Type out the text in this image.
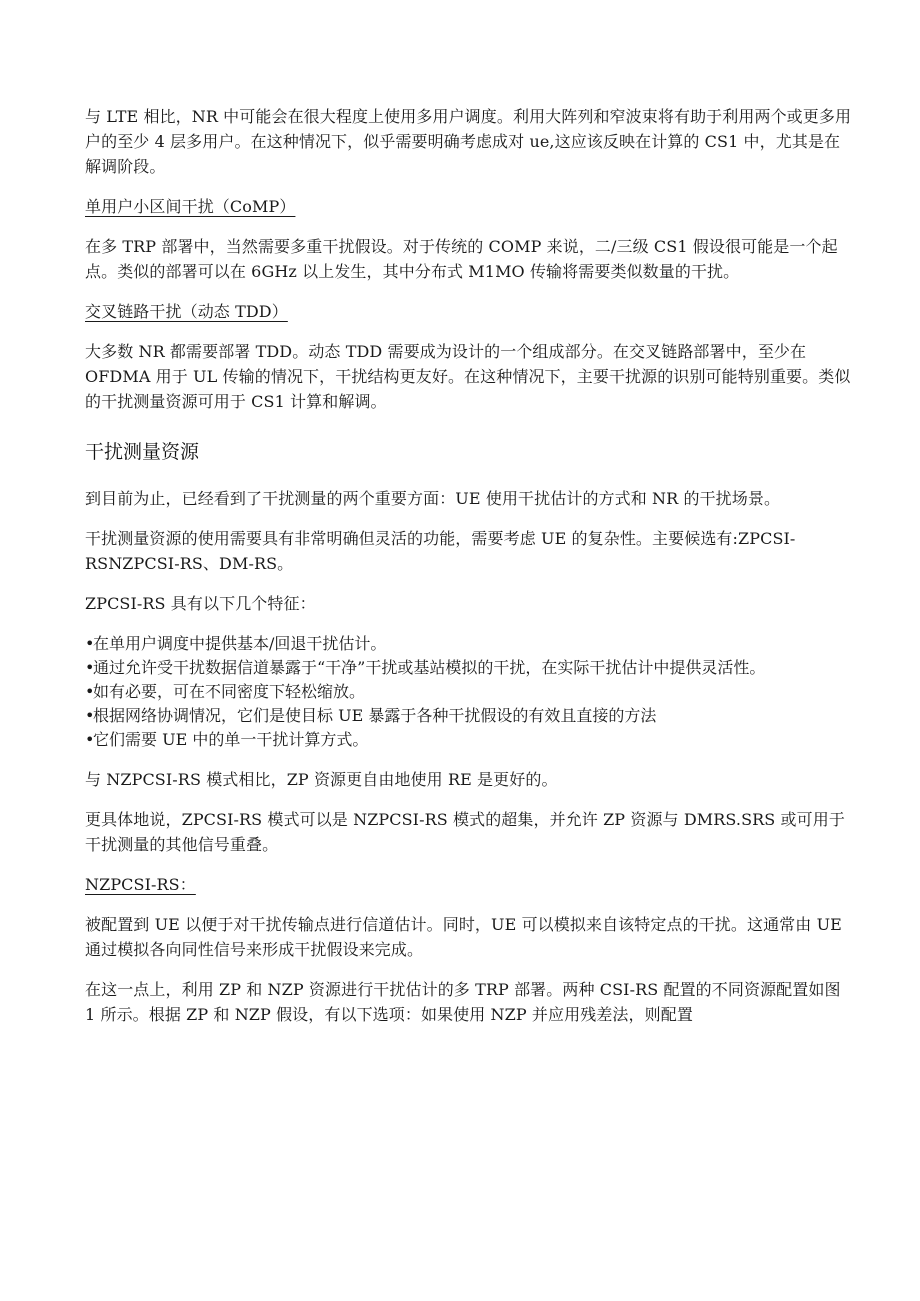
与 LTE 相比，NR 中可能会在很大程度上使用多用户调度。利用大阵列和窄波束将有助于利用两个或更多用户的至少 4 层多用户。在这种情况下，似乎需要明确考虑成对 ue,这应该反映在计算的 CS1 中，尤其是在解调阶段。

单用户小区间干扰（CoMP）

在多 TRP 部署中，当然需要多重干扰假设。对于传统的 COMP 来说，二/三级 CS1 假设很可能是一个起点。类似的部署可以在 6GHz 以上发生，其中分布式 M1MO 传输将需要类似数量的干扰。

交叉链路干扰（动态 TDD）

大多数 NR 都需要部署 TDD。动态 TDD 需要成为设计的一个组成部分。在交叉链路部署中，至少在 OFDMA 用于 UL 传输的情况下，干扰结构更友好。在这种情况下，主要干扰源的识别可能特别重要。类似的干扰测量资源可用于 CS1 计算和解调。

干扰测量资源

到目前为止，已经看到了干扰测量的两个重要方面：UE 使用干扰估计的方式和 NR 的干扰场景。

干扰测量资源的使用需要具有非常明确但灵活的功能，需要考虑 UE 的复杂性。主要候选有:ZPCSI-RSNZPCSI-RS、DM-RS。

ZPCSI-RS 具有以下几个特征：

•在单用户调度中提供基本/回退干扰估计。
•通过允许受干扰数据信道暴露于“干净”干扰或基站模拟的干扰，在实际干扰估计中提供灵活性。
•如有必要，可在不同密度下轻松缩放。
•根据网络协调情况，它们是使目标 UE 暴露于各种干扰假设的有效且直接的方法
•它们需要 UE 中的单一干扰计算方式。

与 NZPCSI-RS 模式相比，ZP 资源更自由地使用 RE 是更好的。

更具体地说，ZPCSI-RS 模式可以是 NZPCSI-RS 模式的超集，并允许 ZP 资源与 DMRS.SRS 或可用于干扰测量的其他信号重叠。

NZPCSI-RS：

被配置到 UE 以便于对干扰传输点进行信道估计。同时，UE 可以模拟来自该特定点的干扰。这通常由 UE 通过模拟各向同性信号来形成干扰假设来完成。

在这一点上，利用 ZP 和 NZP 资源进行干扰估计的多 TRP 部署。两种 CSI-RS 配置的不同资源配置如图 1 所示。根据 ZP 和 NZP 假设，有以下选项：如果使用 NZP 并应用残差法，则配置
